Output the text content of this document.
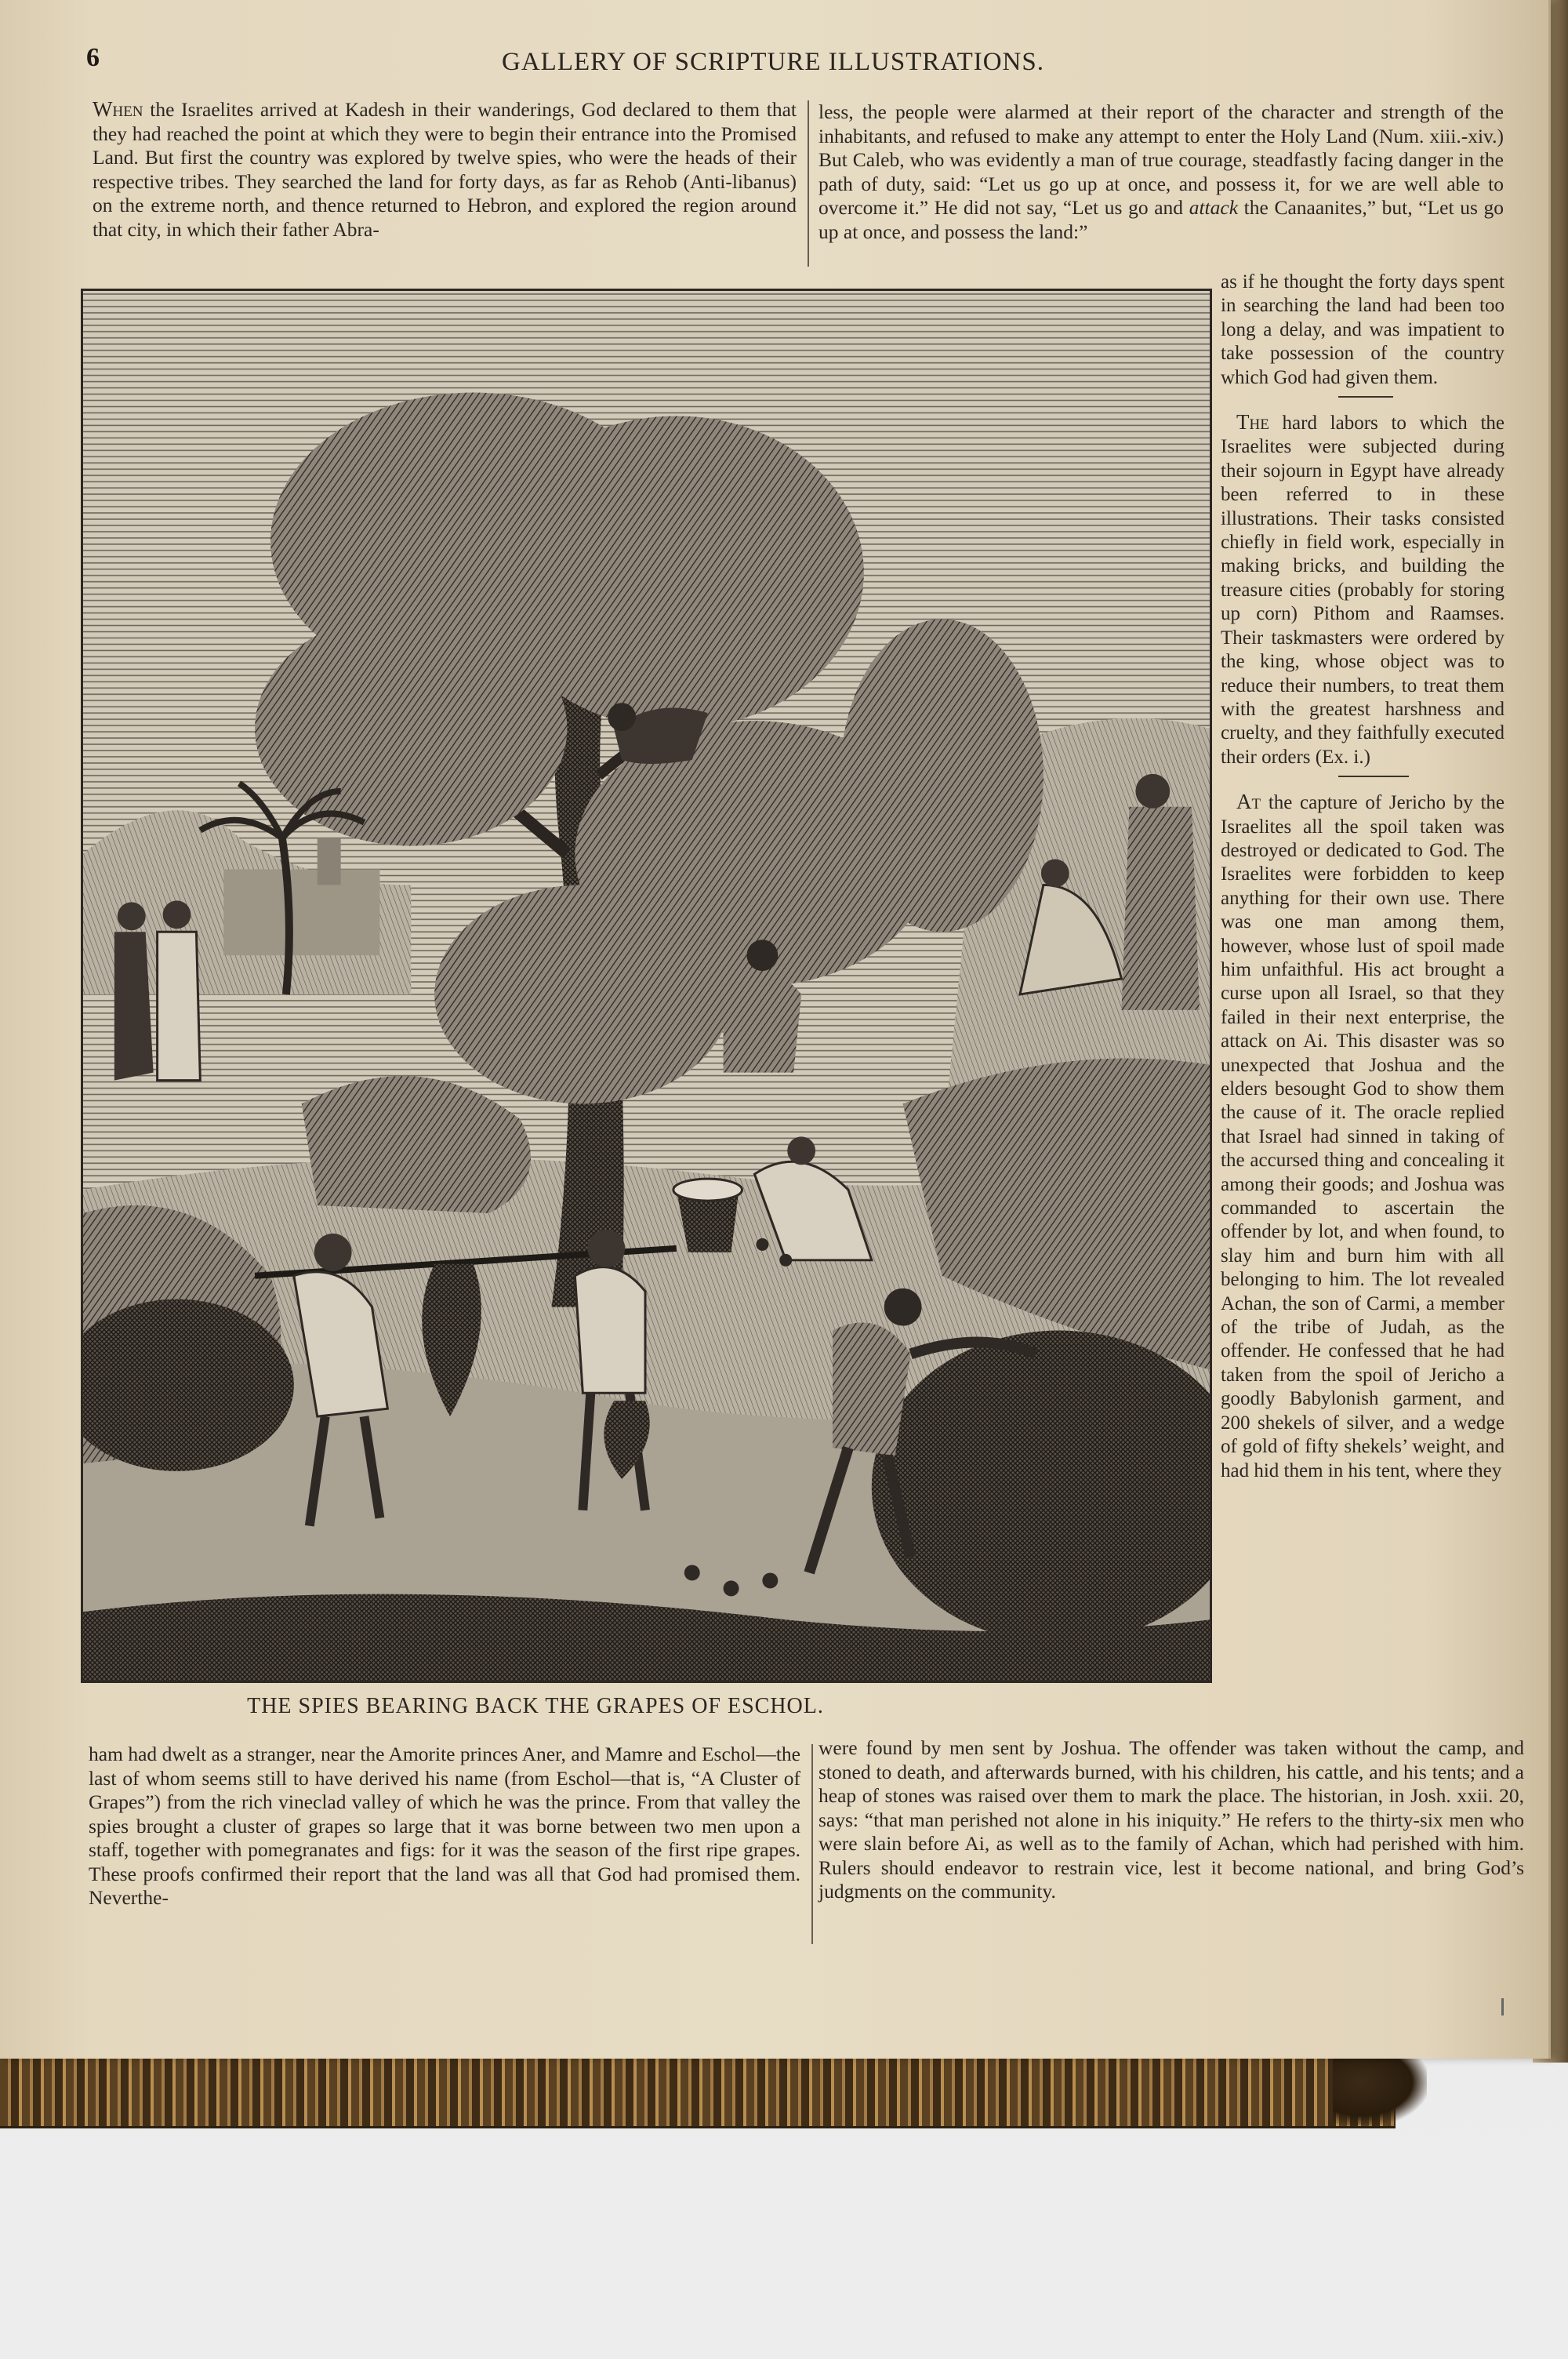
6	GALLERY OF SCRIPTURE ILLUSTRATIONS.

When the Israelites arrived at Kadesh in their wanderings, God declared to them that they had reached the point at which they were to begin their entrance into the Promised Land. But first the country was explored by twelve spies, who were the heads of their respective tribes. They searched the land for forty days, as far as Rehob (Anti-libanus) on the extreme north, and thence returned to Hebron, and explored the region around that city, in which their father Abra-

less, the people were alarmed at their report of the character and strength of the inhabitants, and refused to make any attempt to enter the Holy Land (Num. xiii.-xiv.) But Caleb, who was evidently a man of true courage, steadfastly facing danger in the path of duty, said: “Let us go up at once, and possess it, for we are well able to overcome it.” He did not say, “Let us go and attack the Canaanites,” but, “Let us go up at once, and possess the land:”

as if he thought the forty days spent in searching the land had been too long a delay, and was impatient to take possession of the country which God had given them.

The hard labors to which the Israelites were subjected during their sojourn in Egypt have already been referred to in these illustrations. Their tasks consisted chiefly in field work, especially in making bricks, and building the treasure cities (probably for storing up corn) Pithom and Raamses. Their taskmasters were ordered by the king, whose object was to reduce their numbers, to treat them with the greatest harshness and cruelty, and they faithfully executed their orders (Ex. i.)

At the capture of Jericho by the Israelites all the spoil taken was destroyed or dedicated to God. The Israelites were forbidden to keep anything for their own use. There was one man among them, however, whose lust of spoil made him unfaithful. His act brought a curse upon all Israel, so that they failed in their next enterprise, the attack on Ai. This disaster was so unexpected that Joshua and the elders besought God to show them the cause of it. The oracle replied that Israel had sinned in taking of the accursed thing and concealing it among their goods; and Joshua was commanded to ascertain the offender by lot, and when found, to slay him and burn him with all belonging to him. The lot revealed Achan, the son of Carmi, a member of the tribe of Judah, as the offender. He confessed that he had taken from the spoil of Jericho a goodly Babylonish garment, and 200 shekels of silver, and a wedge of gold of fifty shekels’ weight, and had hid them in his tent, where they

THE SPIES BEARING BACK THE GRAPES OF ESCHOL.

ham had dwelt as a stranger, near the Amorite princes Aner, and Mamre and Eschol—the last of whom seems still to have derived his name (from Eschol—that is, “A Cluster of Grapes”) from the rich vineclad valley of which he was the prince. From that valley the spies brought a cluster of grapes so large that it was borne between two men upon a staff, together with pomegranates and figs: for it was the season of the first ripe grapes. These proofs confirmed their report that the land was all that God had promised them. Neverthe-

were found by men sent by Joshua. The offender was taken without the camp, and stoned to death, and afterwards burned, with his children, his cattle, and his tents; and a heap of stones was raised over them to mark the place. The historian, in Josh. xxii. 20, says: “that man perished not alone in his iniquity.” He refers to the thirty-six men who were slain before Ai, as well as to the family of Achan, which had perished with him. Rulers should endeavor to restrain vice, lest it become national, and bring God’s judgments on the community.
